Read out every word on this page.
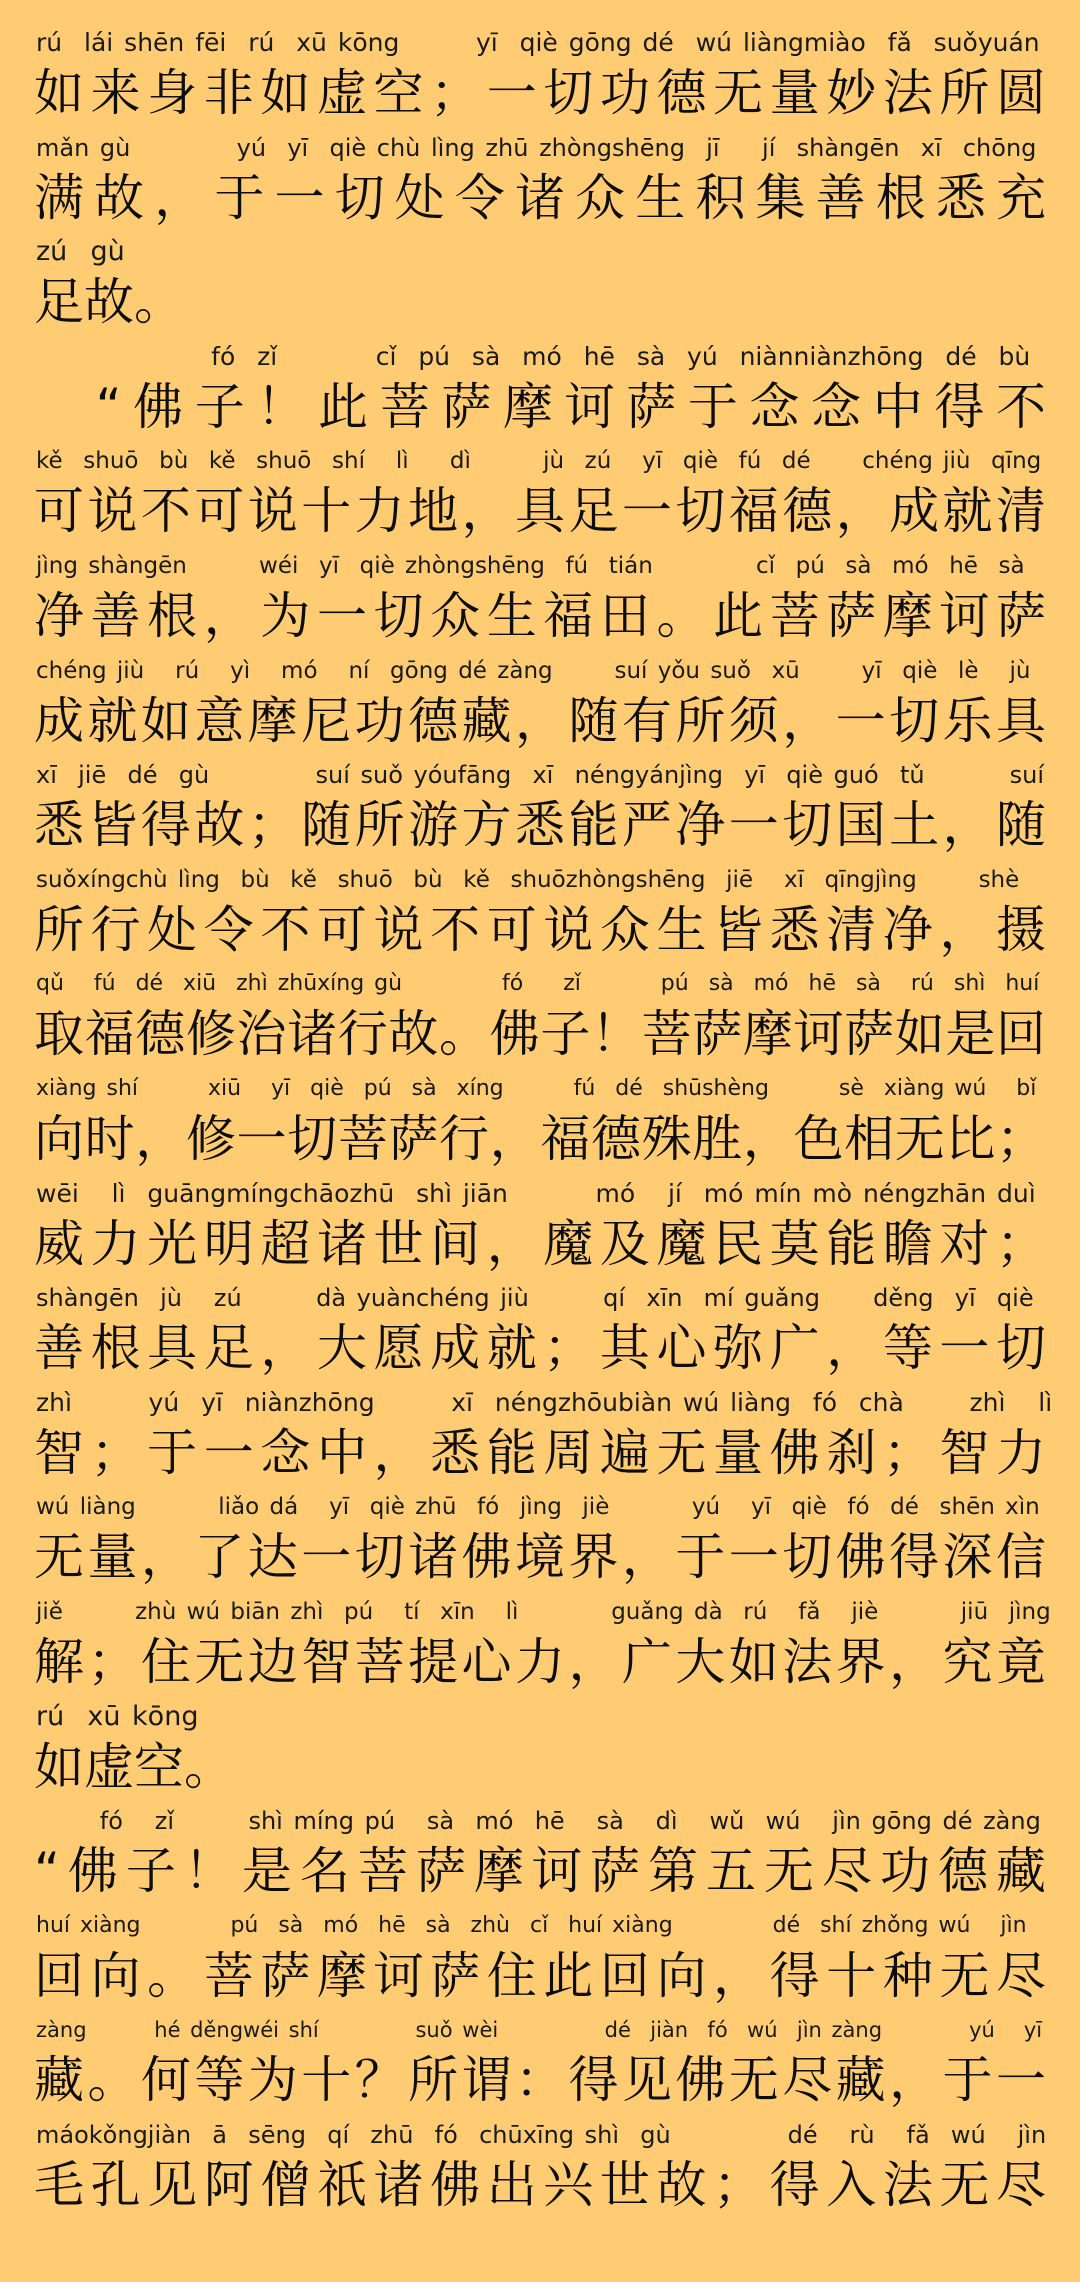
rú  lái shēn fēi  rú  xū kōng       yī  qiè gōng dé  wú liàngmiào  fǎ  suǒyuán
如来身非如虚空；一切功德无量妙法所圆
mǎn gù          yú  yī  qiè chù lìng zhū zhòngshēng  jī    jí  shàngēn  xī  chōng
满故，于一切处令诸众生积集善根悉充
zú  gù
足故。
fó  zǐ         cǐ  pú  sà  mó  hē  sà  yú  niànniànzhōng  dé  bù
　“佛子！此菩萨摩诃萨于念念中得不
kě  shuō  bù  kě  shuō  shí   lì    dì       jù  zú   yī  qiè  fú  dé     chéng jiù  qīng
可说不可说十力地，具足一切福德，成就清
jìng shàngēn       wéi  yī  qiè zhòngshēng  fú  tián          cǐ  pú  sà  mó  hē  sà
净善根，为一切众生福田。此菩萨摩诃萨
chéng jiù   rú   yì   mó   ní  gōng dé zàng      suí yǒu suǒ  xū      yī  qiè  lè   jù
成就如意摩尼功德藏，随有所须，一切乐具
xī  jiē  dé  gù          suí suǒ yóufāng  xī  néngyánjìng  yī  qiè guó  tǔ        suí
悉皆得故；随所游方悉能严净一切国土，随
suǒxíngchù lìng  bù  kě  shuō  bù  kě  shuōzhòngshēng  jiē   xī  qīngjìng      shè
所行处令不可说不可说众生皆悉清净，摄
qǔ   fú  dé  xiū  zhì zhūxíng gù          fó    zǐ        pú  sà  mó  hē  sà   rú  shì  huí
取福德修治诸行故。佛子！菩萨摩诃萨如是回
xiàng shí       xiū   yī  qiè  pú  sà  xíng       fú  dé  shūshèng       sè  xiàng wú   bǐ
向时，修一切菩萨行，福德殊胜，色相无比；
wēi   lì  guāngmíngchāozhū  shì jiān        mó   jí  mó mín mò néngzhān duì
威力光明超诸世间，魔及魔民莫能瞻对；
shàngēn  jù   zú       dà yuànchéng jiù       qí  xīn  mí guǎng     děng  yī  qiè
善根具足，大愿成就；其心弥广，等一切
zhì       yú  yī  niànzhōng       xī  néngzhōubiàn wú liàng  fó  chà      zhì   lì
智；于一念中，悉能周遍无量佛刹；智力
wú liàng        liǎo dá   yī  qiè zhū  fó  jìng  jiè        yú   yī  qiè  fó  dé  shēn xìn
无量，了达一切诸佛境界，于一切佛得深信
jiě       zhù wú biān zhì  pú   tí  xīn   lì         guǎng dà  rú   fǎ   jiè        jiū  jìng
解；住无边智菩提心力，广大如法界，究竟
rú  xū kōng
如虚空。
fó   zǐ       shì míng pú   sà  mó  hē   sà   dì   wǔ  wú   jìn gōng dé zàng
“佛子！是名菩萨摩诃萨第五无尽功德藏
huí xiàng         pú  sà  mó  hē  sà  zhù  cǐ  huí xiàng          dé  shí zhǒng wú   jìn
回向。菩萨摩诃萨住此回向，得十种无尽
zàng       hé děngwéi shí          suǒ wèi           dé  jiàn  fó  wú  jìn zàng         yú   yī
藏。何等为十？所谓：得见佛无尽藏，于一
máokǒngjiàn  ā  sēng  qí  zhū  fó  chūxīng shì  gù           dé   rù   fǎ  wú   jìn
毛孔见阿僧祇诸佛出兴世故；得入法无尽
